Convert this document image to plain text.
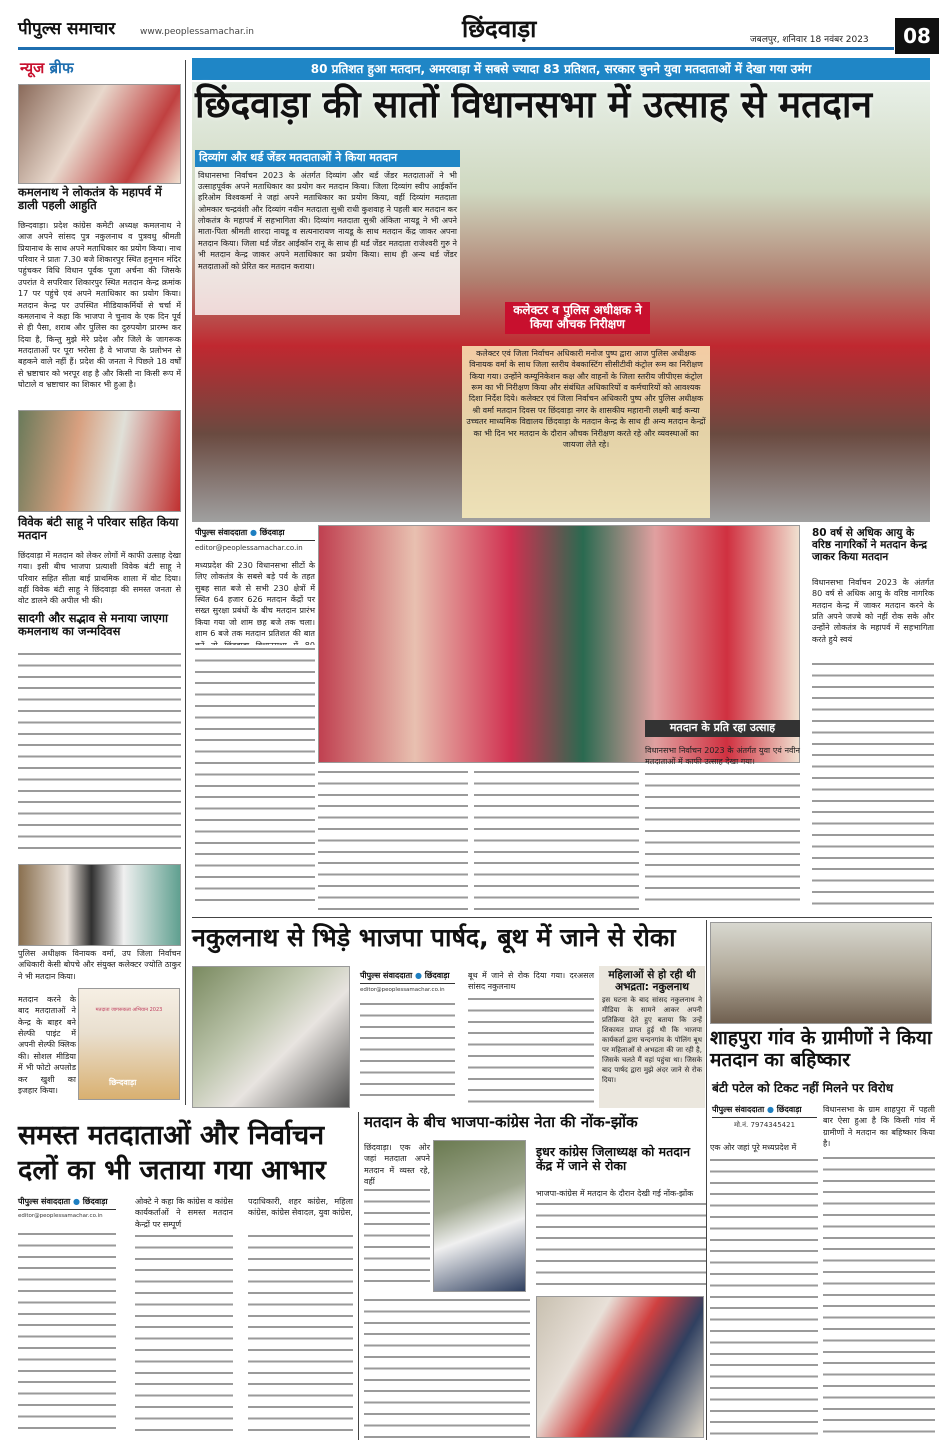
पीपुल्स समाचार	www.peoplessamachar.in	छिंदवाड़ा	जबलपुर, शनिवार 18 नवंबर 2023	08
न्यूज ब्रीफ
कमलनाथ ने लोकतंत्र के महापर्व में डाली पहली आहुति
छिन्दवाड़ा। प्रदेश कांग्रेस कमेटी अध्यक्ष कमलनाथ ने आज अपने सांसद पुत्र नकुलनाथ व पुत्रवधु श्रीमती प्रियानाथ के साथ अपने मताधिकार का प्रयोग किया। नाथ परिवार ने प्रातः 7.30 बजे शिकारपुर स्थित हनुमान मंदिर पहुंचकर विधि विधान पूर्वक पूजा अर्चना की जिसके उपरांत वे सपरिवार शिकारपुर स्थित मतदान केन्द्र क्रमांक 17 पर पहुंचे एवं अपने मताधिकार का प्रयोग किया। मतदान केन्द्र पर उपस्थित मीडियाकर्मियों से चर्चा में कमलनाथ ने कहा कि भाजपा ने चुनाव के एक दिन पूर्व से ही पैसा, शराब और पुलिस का दुरुपयोग प्रारम्भ कर दिया है, किन्तु मुझे मेरे प्रदेश और जिले के जागरूक मतदाताओं पर पूरा भरोसा है वे भाजपा के प्रलोभन से बहकने वाले नहीं हैं। प्रदेश की जनता ने पिछले 18 वर्षों से भ्रष्टाचार को भरपूर शह है और किसी ना किसी रूप में घोटाले व भ्रष्टाचार का शिकार भी हुआ है।
विवेक बंटी साहू ने परिवार सहित किया मतदान
छिंदवाड़ा में मतदान को लेकर लोगों में काफी उत्साह देखा गया। इसी बीच भाजपा प्रत्याशी विवेक बंटी साहू ने परिवार सहित सीता बाई प्राथमिक शाला में वोट दिया। वहीं विवेक बंटी साहू ने छिंदवाड़ा की समस्त जनता से वोट डालने की अपील भी की।
सादगी और सद्भाव से मनाया जाएगा कमलनाथ का जन्मदिवस
पुलिस अधीक्षक विनायक वर्मा, उप जिला निर्वाचन अधिकारी केसी बोपचे और संयुक्त कलेक्टर ज्योति ठाकुर ने भी मतदान किया।
मतदान करने के बाद मतदाताओं ने केन्द्र के बाहर बने सेल्फी पाइंट में अपनी सेल्फी क्लिक की। सोशल मीडिया में भी फोटो अपलोड कर खुशी का इजहार किया।
मतदाता जागरूकता अभियान 2023
छिन्दवाड़ा
80 प्रतिशत हुआ मतदान, अमरवाड़ा में सबसे ज्यादा 83 प्रतिशत, सरकार चुनने युवा मतदाताओं में देखा गया उमंग
छिंदवाड़ा की सातों विधानसभा में उत्साह से मतदान
दिव्यांग और थर्ड जेंडर मतदाताओं ने किया मतदान
विधानसभा निर्वाचन 2023 के अंतर्गत दिव्यांग और थर्ड जेंडर मतदाताओं ने भी उत्साहपूर्वक अपने मताधिकार का प्रयोग कर मतदान किया। जिला दिव्यांग स्वीप आईकॉन हरिओम विश्वकर्मा ने जहां अपने मताधिकार का प्रयोग किया, वहीं दिव्यांग मतदाता ओमकार चन्द्रवंशी और दिव्यांग नवीन मतदाता सुश्री राधी कुशवाह ने पहली बार मतदान कर लोकतंत्र के महापर्व में सहभागिता की। दिव्यांग मतदाता सुश्री अंकिता नायडू ने भी अपने माता-पिता श्रीमती शारदा नायडू व सत्यनारायण नायडू के साथ मतदान केंद्र जाकर अपना मतदान किया। जिला थर्ड जेंडर आईकॉन रानू के साथ ही थर्ड जेंडर मतदाता राजेश्वरी गुरु ने भी मतदान केन्द्र जाकर अपने मताधिकार का प्रयोग किया। साथ ही अन्य थर्ड जेंडर मतदाताओं को प्रेरित कर मतदान कराया।
कलेक्टर व पुलिस अधीक्षक ने किया औचक निरीक्षण
कलेक्टर एवं जिला निर्वाचन अधिकारी मनोज पुष्प द्वारा आज पुलिस अधीक्षक विनायक वर्मा के साथ जिला स्तरीय वेबकास्टिंग सीसीटीवी कंट्रोल रूम का निरीक्षण किया गया। उन्होंने कम्यूनिकेशन कक्ष और वाहनों के जिला स्तरीय जीपीएस कंट्रोल रूम का भी निरीक्षण किया और संबंधित अधिकारियों व कर्मचारियों को आवश्यक दिशा निर्देश दिये। कलेक्टर एवं जिला निर्वाचन अधिकारी पुष्प और पुलिस अधीक्षक श्री वर्मा मतदान दिवस पर छिंदवाड़ा नगर के शासकीय महारानी लक्ष्मी बाई कन्या उच्चतर माध्यमिक विद्यालय छिंदवाड़ा के मतदान केन्द्र के साथ ही अन्य मतदान केन्द्रों का भी दिन भर मतदान के दौरान औचक निरीक्षण करते रहे और व्यवस्थाओं का जायजा लेते रहे।
पीपुल्स संवाददाता ● छिंदवाड़ा
editor@peoplessamachar.co.in
मध्यप्रदेश की 230 विधानसभा सीटों के लिए लोकतंत्र के सबसे बड़े पर्व के तहत सुबह सात बजे से सभी 230 क्षेत्रों में स्थित 64 हजार 626 मतदान केंद्रों पर सख्त सुरक्षा प्रबंधों के बीच मतदान प्रारंभ किया गया जो शाम छह बजे तक चला। शाम 6 बजे तक मतदान प्रतिशत की बात
मतदान के प्रति रहा उत्साह
विधानसभा निर्वाचन 2023 के अंतर्गत युवा एवं नवीन मतदाताओं में काफी उत्साह देखा गया।
80 वर्ष से अधिक आयु के वरिष्ठ नागरिकों ने मतदान केन्द्र जाकर किया मतदान
विधानसभा निर्वाचन 2023 के अंतर्गत 80 वर्ष से अधिक आयु के वरिष्ठ नागरिक मतदान केन्द्र में जाकर मतदान करने के प्रति अपने जज्बे को नहीं रोक सके और उन्होंने लोकतंत्र के महापर्व में सहभागिता करते हुये स्वयं
नकुलनाथ से भिड़े भाजपा पार्षद, बूथ में जाने से रोका
पीपुल्स संवाददाता ● छिंदवाड़ा
editor@peoplessamachar.co.in
बूथ में जाने से रोक दिया गया। दरअसल सांसद नकुलनाथ
महिलाओं से हो रही थी अभद्रता: नकुलनाथ
इस घटना के बाद सांसद नकुलनाथ ने मीडिया के सामने आकर अपनी प्रतिक्रिया देते हुए बताया कि उन्हें शिकायत प्राप्त हुई थी कि भाजपा कार्यकर्ता द्वारा चन्दनगांव के पोलिंग बूथ पर महिलाओं से अभद्रता की जा रही है, जिसके चलते मैं वहां पहुंचा था। जिसके बाद पार्षद द्वारा मुझे अंदर जाने से रोक दिया।
शाहपुरा गांव के ग्रामीणों ने किया मतदान का बहिष्कार
बंटी पटेल को टिकट नहीं मिलने पर विरोध
पीपुल्स संवाददाता ● छिंदवाड़ा
मो.नं. 7974345421
एक ओर जहां पूरे मध्यप्रदेश में
विधानसभा के ग्राम शाहपुरा में पहली बार ऐसा हुआ है कि किसी गांव में ग्रामीणों ने मतदान का बहिष्कार किया है।
समस्त मतदाताओं और निर्वाचन दलों का भी जताया गया आभार
पीपुल्स संवाददाता ● छिंदवाड़ा
editor@peoplessamachar.co.in
ओक्टे ने कहा कि कांग्रेस व कांग्रेस कार्यकर्ताओं ने समस्त मतदान केन्द्रों पर सम्पूर्ण
पदाधिकारी, शहर कांग्रेस, महिला कांग्रेस, कांग्रेस सेवादल, युवा कांग्रेस,
मतदान के बीच भाजपा-कांग्रेस नेता की नोंक-झोंक
छिंदवाड़ा। एक ओर जहां मतदाता अपने मतदान में व्यस्त रहे, वहीं
इधर कांग्रेस जिलाध्यक्ष को मतदान केंद्र में जाने से रोका
भाजपा-कांग्रेस में मतदान के दौरान देखी गई नोंक-झोंक
